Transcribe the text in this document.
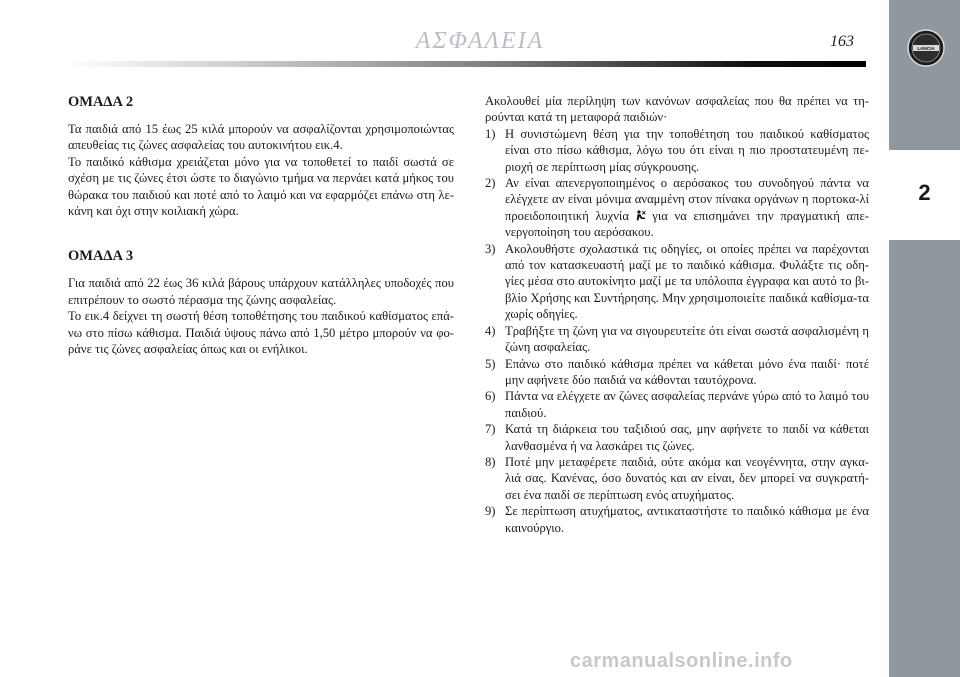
ΑΣΦΑΛΕΙΑ	163
2
LANCIA
ΟΜΑΔΑ 2

Τα παιδιά από 15 έως 25 κιλά μπορούν να ασφαλίζονται χρησιμοποιώντας απευθείας τις ζώνες ασφαλείας του αυτοκινήτου εικ.4.

Το παιδικό κάθισμα χρειάζεται μόνο για να τοποθετεί το παιδί σωστά σε σχέση με τις ζώνες έτσι ώστε το διαγώνιο τμήμα να περνάει κατά μήκος του θώρακα του παιδιού και ποτέ από το λαιμό και να εφαρμόζει επάνω στη λε-κάνη και όχι στην κοιλιακή χώρα.

ΟΜΑΔΑ 3

Για παιδιά από 22 έως 36 κιλά βάρους υπάρχουν κατάλληλες υποδοχές που επιτρέπουν το σωστό πέρασμα της ζώνης ασφαλείας.

Το εικ.4 δείχνει τη σωστή θέση τοποθέτησης του παιδικού καθίσματος επά-νω στο πίσω κάθισμα. Παιδιά ύψους πάνω από 1,50 μέτρο μπορούν να φο-ράνε τις ζώνες ασφαλείας όπως και οι ενήλικοι.

Ακολουθεί μία περίληψη των κανόνων ασφαλείας που θα πρέπει να τη-ρούνται κατά τη μεταφορά παιδιών·

1) Η συνιστώμενη θέση για την τοποθέτηση του παιδικού καθίσματος είναι στο πίσω κάθισμα, λόγω του ότι είναι η πιο προστατευμένη πε-ριοχή σε περίπτωση μίας σύγκρουσης.
2) Αν είναι απενεργοποιημένος ο αερόσακος του συνοδηγού πάντα να ελέγχετε αν είναι μόνιμα αναμμένη στον πίνακα οργάνων η πορτοκα-λί προειδοποιητική λυχνία για να επισημάνει την πραγματική απε-νεργοποίηση του αερόσακου.
3) Ακολουθήστε σχολαστικά τις οδηγίες, οι οποίες πρέπει να παρέχονται από τον κατασκευαστή μαζί με το παιδικό κάθισμα. Φυλάξτε τις οδη-γίες μέσα στο αυτοκίνητο μαζί με τα υπόλοιπα έγγραφα και αυτό το βι-βλίο Χρήσης και Συντήρησης. Μην χρησιμοποιείτε παιδικά καθίσμα-τα χωρίς οδηγίες.
4) Τραβήξτε τη ζώνη για να σιγουρευτείτε ότι είναι σωστά ασφαλισμένη η ζώνη ασφαλείας.
5) Επάνω στο παιδικό κάθισμα πρέπει να κάθεται μόνο ένα παιδί· ποτέ μην αφήνετε δύο παιδιά να κάθονται ταυτόχρονα.
6) Πάντα να ελέγχετε αν ζώνες ασφαλείας περνάνε γύρω από το λαιμό του παιδιού.
7) Κατά τη διάρκεια του ταξιδιού σας, μην αφήνετε το παιδί να κάθεται λανθασμένα ή να λασκάρει τις ζώνες.
8) Ποτέ μην μεταφέρετε παιδιά, ούτε ακόμα και νεογέννητα, στην αγκα-λιά σας. Κανένας, όσο δυνατός και αν είναι, δεν μπορεί να συγκρατή-σει ένα παιδί σε περίπτωση ενός ατυχήματος.
9) Σε περίπτωση ατυχήματος, αντικαταστήστε το παιδικό κάθισμα με ένα καινούργιο.
carmanualsonline.info
